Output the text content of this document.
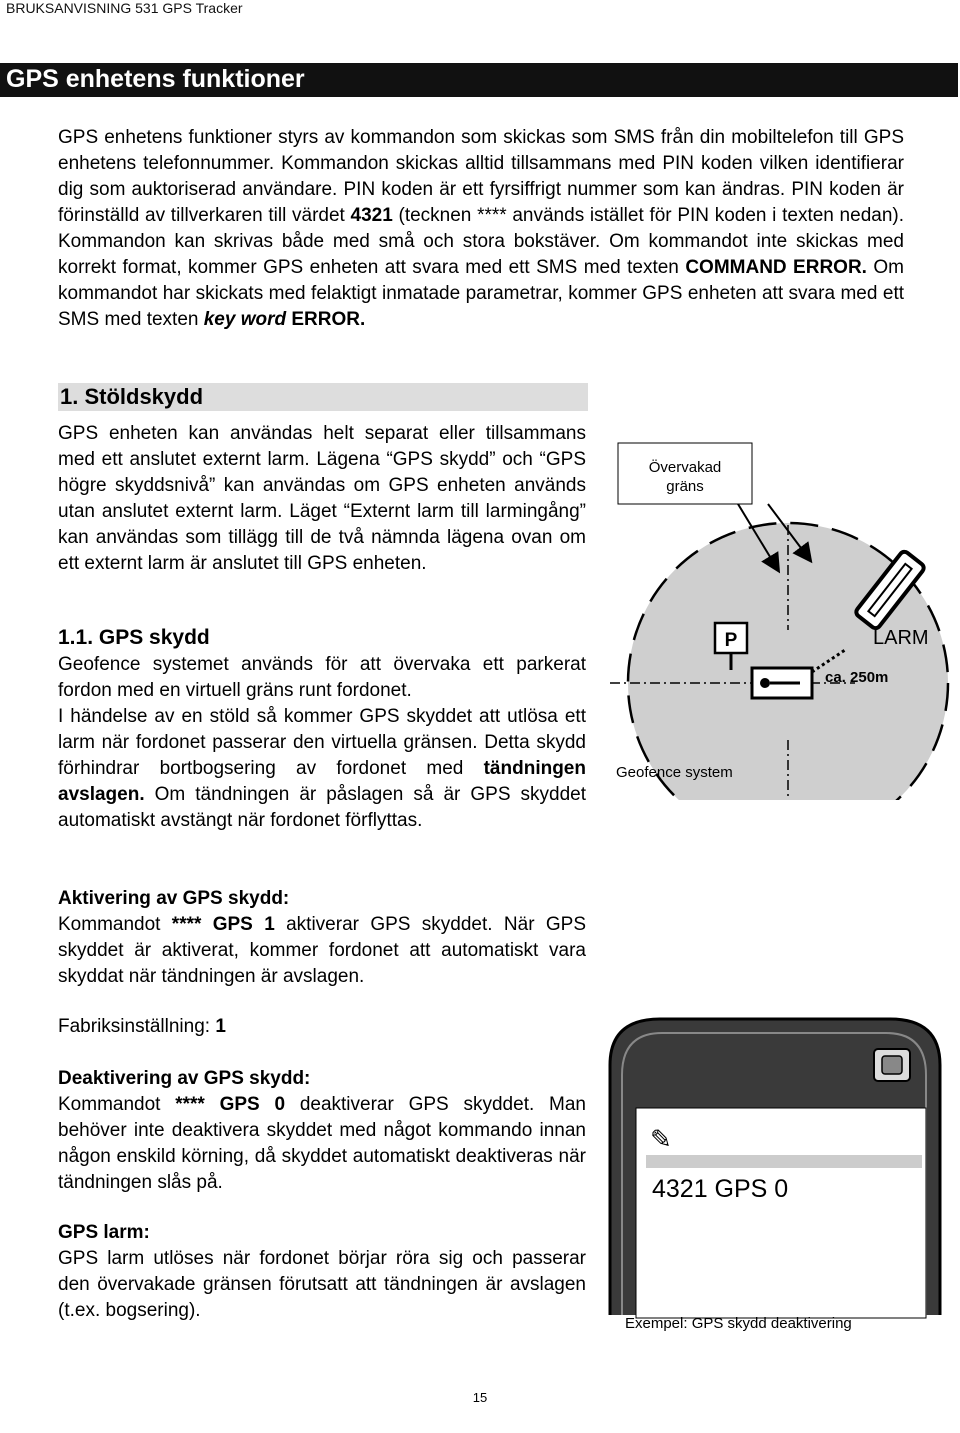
BRUKSANVISNING 531 GPS Tracker
GPS enhetens funktioner
GPS enhetens funktioner styrs av kommandon som skickas som SMS från din mobiltelefon till GPS enhetens telefonnummer. Kommandon skickas alltid tillsammans med PIN koden vilken identifierar dig som auktoriserad användare. PIN koden är ett fyrsiffrigt nummer som kan ändras. PIN koden är förinställd av tillverkaren till värdet 4321 (tecknen **** används istället för PIN koden i texten nedan). Kommandon kan skrivas både med små och stora bokstäver. Om kommandot inte skickas med korrekt format, kommer GPS enheten att svara med ett SMS med texten COMMAND ERROR. Om kommandot har skickats med felaktigt inmatade parametrar, kommer GPS enheten att svara med ett SMS med texten key word ERROR.
1. Stöldskydd
GPS enheten kan användas helt separat eller tillsammans med ett anslutet externt larm. Lägena “GPS skydd” och “GPS högre skyddsnivå” kan användas om GPS enheten används utan anslutet externt larm. Läget “Externt larm till larmingång” kan användas som tillägg till de två nämnda lägena ovan om ett externt larm är anslutet till GPS enheten.
1.1. GPS skydd
Geofence systemet används för att övervaka ett parkerat fordon med en virtuell gräns runt fordonet.
I händelse av en stöld så kommer GPS skyddet att utlösa ett larm när fordonet passerar den virtuella gränsen. Detta skydd förhindrar bortbogsering av fordonet med tändningen avslagen. Om tändningen är påslagen så är GPS skyddet automatiskt avstängt när fordonet förflyttas.
Aktivering av GPS skydd:
Kommandot **** GPS 1 aktiverar GPS skyddet. När GPS skyddet är aktiverat, kommer fordonet att automatiskt vara skyddat när tändningen är avslagen.
Fabriksinställning: 1
Deaktivering av GPS skydd:
Kommandot **** GPS 0 deaktiverar GPS skyddet. Man behöver inte deaktivera skyddet med något kommando innan någon enskild körning, då skyddet automatiskt deaktiveras när tändningen slås på.
GPS larm:
GPS larm utlöses när fordonet börjar röra sig och passerar den övervakade gränsen förutsatt att tändningen är avslagen (t.ex. bogsering).
Övervakad
gräns
P
ca. 250m
LARM
Geofence system
✎
4321 GPS 0
Exempel: GPS skydd deaktivering
15
